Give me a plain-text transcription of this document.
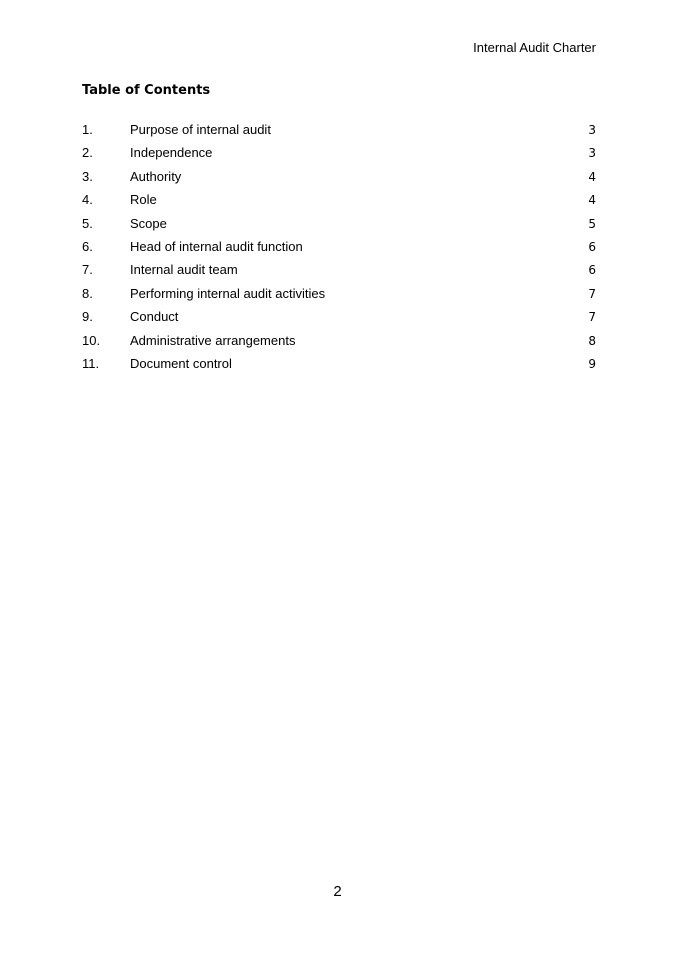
Internal Audit Charter
Table of Contents
1.	Purpose of internal audit	3
2.	Independence	3
3.	Authority	4
4.	Role	4
5.	Scope	5
6.	Head of internal audit function	6
7.	Internal audit team	6
8.	Performing internal audit activities	7
9.	Conduct	7
10. Administrative arrangements	8
11. Document control	9
2
